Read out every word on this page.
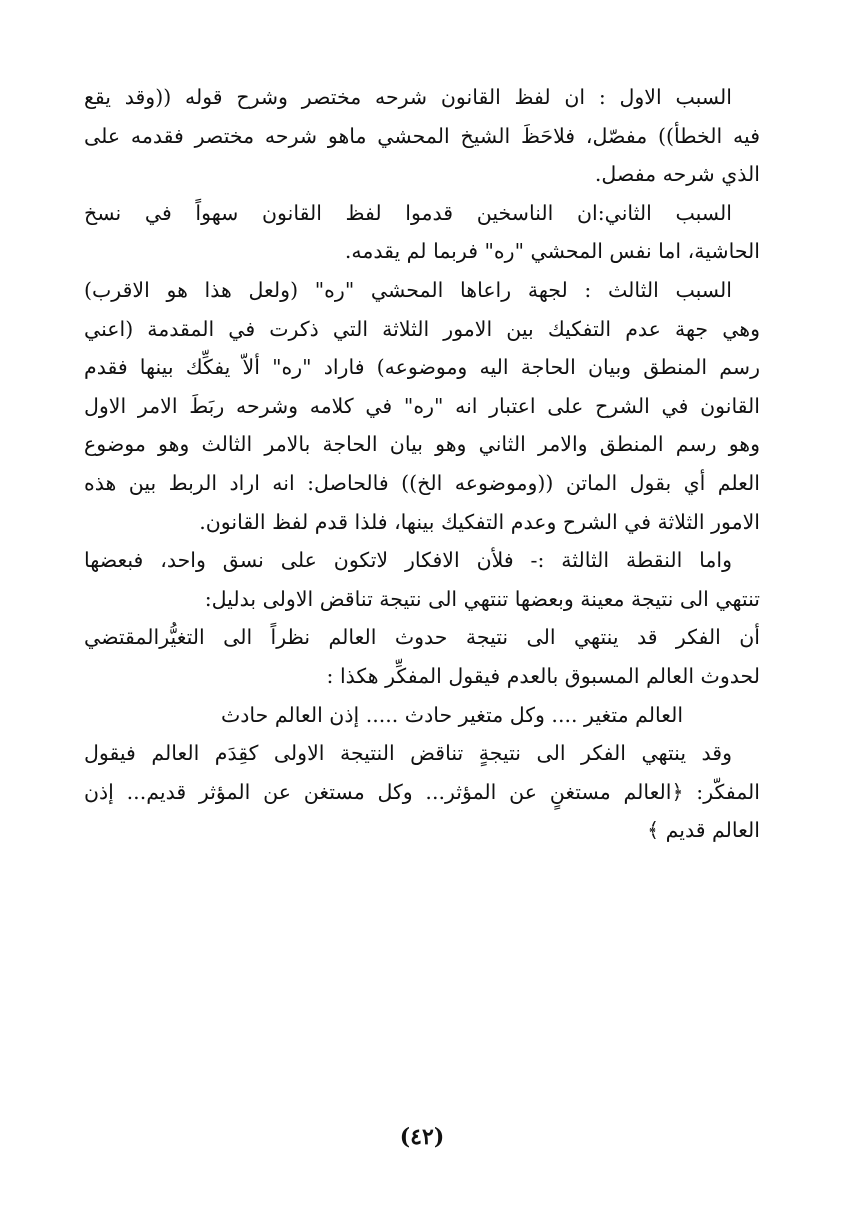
السبب الاول : ان لفظ القانون شرحه مختصر وشرح قوله ((وقد يقع
فيه الخطأ)) مفصّل، فلاحَظَ الشيخ المحشي ماهو شرحه مختصر فقدمه على
الذي شرحه مفصل.
السبب الثاني:ان الناسخين قدموا لفظ القانون سهواً في نسخ
الحاشية، اما نفس المحشي "ره" فربما لم يقدمه.
السبب الثالث : لجهة راعاها المحشي "ره" (ولعل هذا هو الاقرب)
وهي جهة عدم التفكيك بين الامور الثلاثة التي ذكرت في المقدمة (اعني
رسم المنطق وبيان الحاجة اليه وموضوعه) فاراد "ره" ألاّ يفكِّك بينها فقدم
القانون في الشرح على اعتبار انه "ره" في كلامه وشرحه ربَطَ الامر الاول
وهو رسم المنطق والامر الثاني وهو بيان الحاجة بالامر الثالث وهو موضوع
العلم أي بقول الماتن ((وموضوعه الخ)) فالحاصل: انه اراد الربط بين هذه
الامور الثلاثة في الشرح وعدم التفكيك بينها، فلذا قدم لفظ القانون.
واما النقطة الثالثة :- فلأن الافكار لاتكون على نسق واحد، فبعضها
تنتهي الى نتيجة معينة وبعضها تنتهي الى نتيجة تناقض الاولى بدليل:
أن الفكر قد ينتهي الى نتيجة حدوث العالم نظراً الى التغيُّرالمقتضي
لحدوث العالم المسبوق بالعدم فيقول المفكِّر هكذا :
العالم متغير .... وكل متغير حادث ..... إذن العالم حادث
وقد ينتهي الفكر الى نتيجةٍ تناقض النتيجة الاولى كقِدَم العالم فيقول
المفكّر: ﴿العالم مستغنٍ عن المؤثر... وكل مستغن عن المؤثر قديم... إذن
العالم قديم ﴾
(٤٢)
